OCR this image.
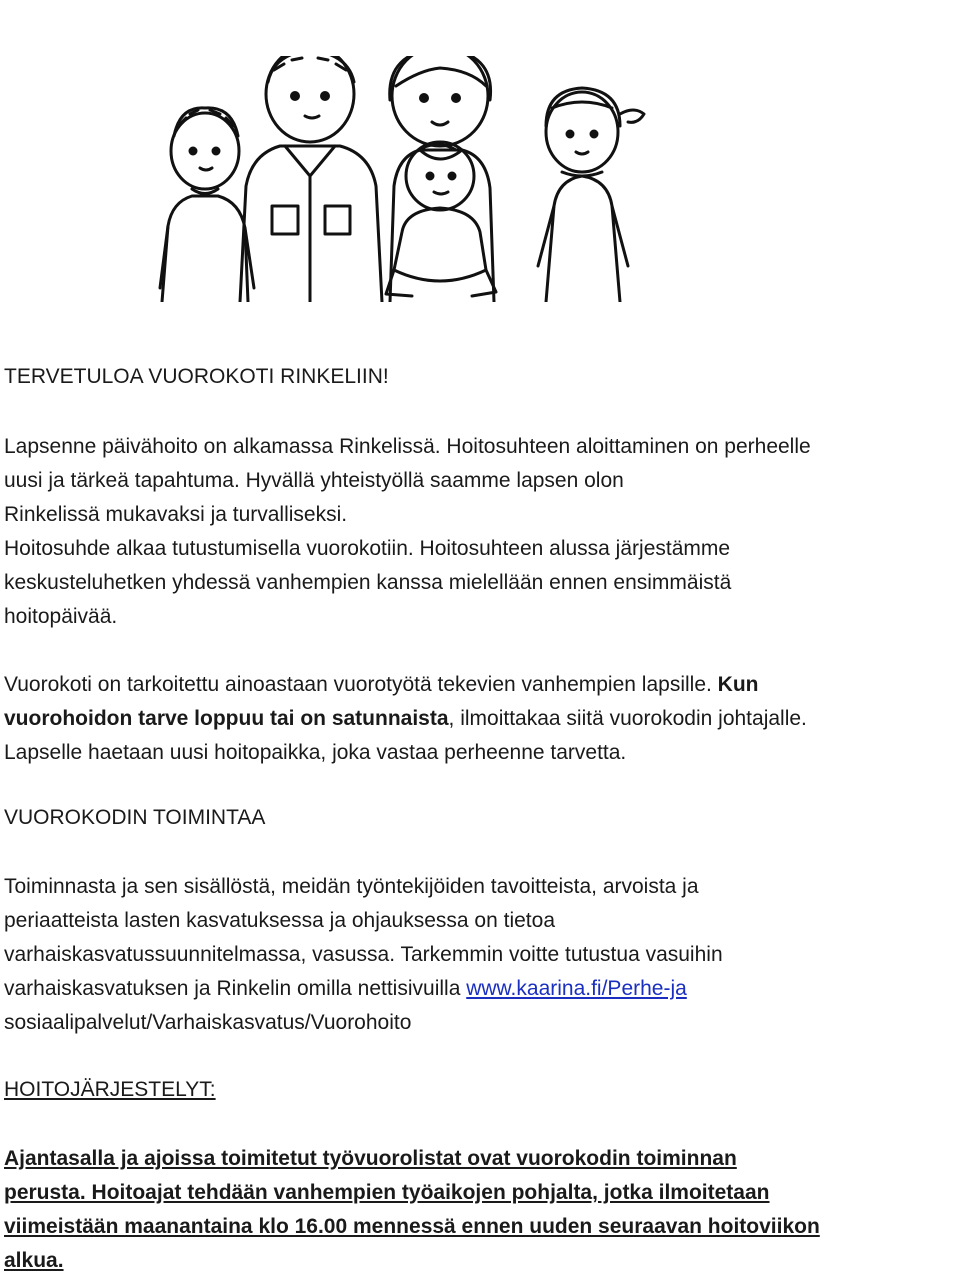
TERVETULOA VUOROKOTI RINKELIIN!
Lapsenne päivähoito on alkamassa Rinkelissä. Hoitosuhteen aloittaminen on perheelle
uusi ja tärkeä tapahtuma. Hyvällä yhteistyöllä saamme lapsen olon
Rinkelissä mukavaksi ja turvalliseksi.
Hoitosuhde alkaa tutustumisella vuorokotiin. Hoitosuhteen alussa järjestämme
keskusteluhetken yhdessä vanhempien kanssa mielellään ennen ensimmäistä
hoitopäivää.
Vuorokoti on tarkoitettu ainoastaan vuorotyötä tekevien vanhempien lapsille. Kun
vuorohoidon tarve loppuu tai on satunnaista, ilmoittakaa siitä vuorokodin johtajalle.
Lapselle haetaan uusi hoitopaikka, joka vastaa perheenne tarvetta.
VUOROKODIN TOIMINTAA
Toiminnasta ja sen sisällöstä, meidän työntekijöiden tavoitteista, arvoista ja
periaatteista lasten kasvatuksessa ja ohjauksessa on tietoa
varhaiskasvatussuunnitelmassa, vasussa. Tarkemmin voitte tutustua vasuihin
varhaiskasvatuksen ja Rinkelin omilla nettisivuilla www.kaarina.fi/Perhe-ja
sosiaalipalvelut/Varhaiskasvatus/Vuorohoito
HOITOJÄRJESTELYT:
Ajantasalla ja ajoissa toimitetut työvuorolistat ovat vuorokodin toiminnan
perusta. Hoitoajat tehdään vanhempien työaikojen pohjalta, jotka ilmoitetaan
viimeistään maanantaina klo 16.00 mennessä ennen uuden seuraavan hoitoviikon
alkua.
